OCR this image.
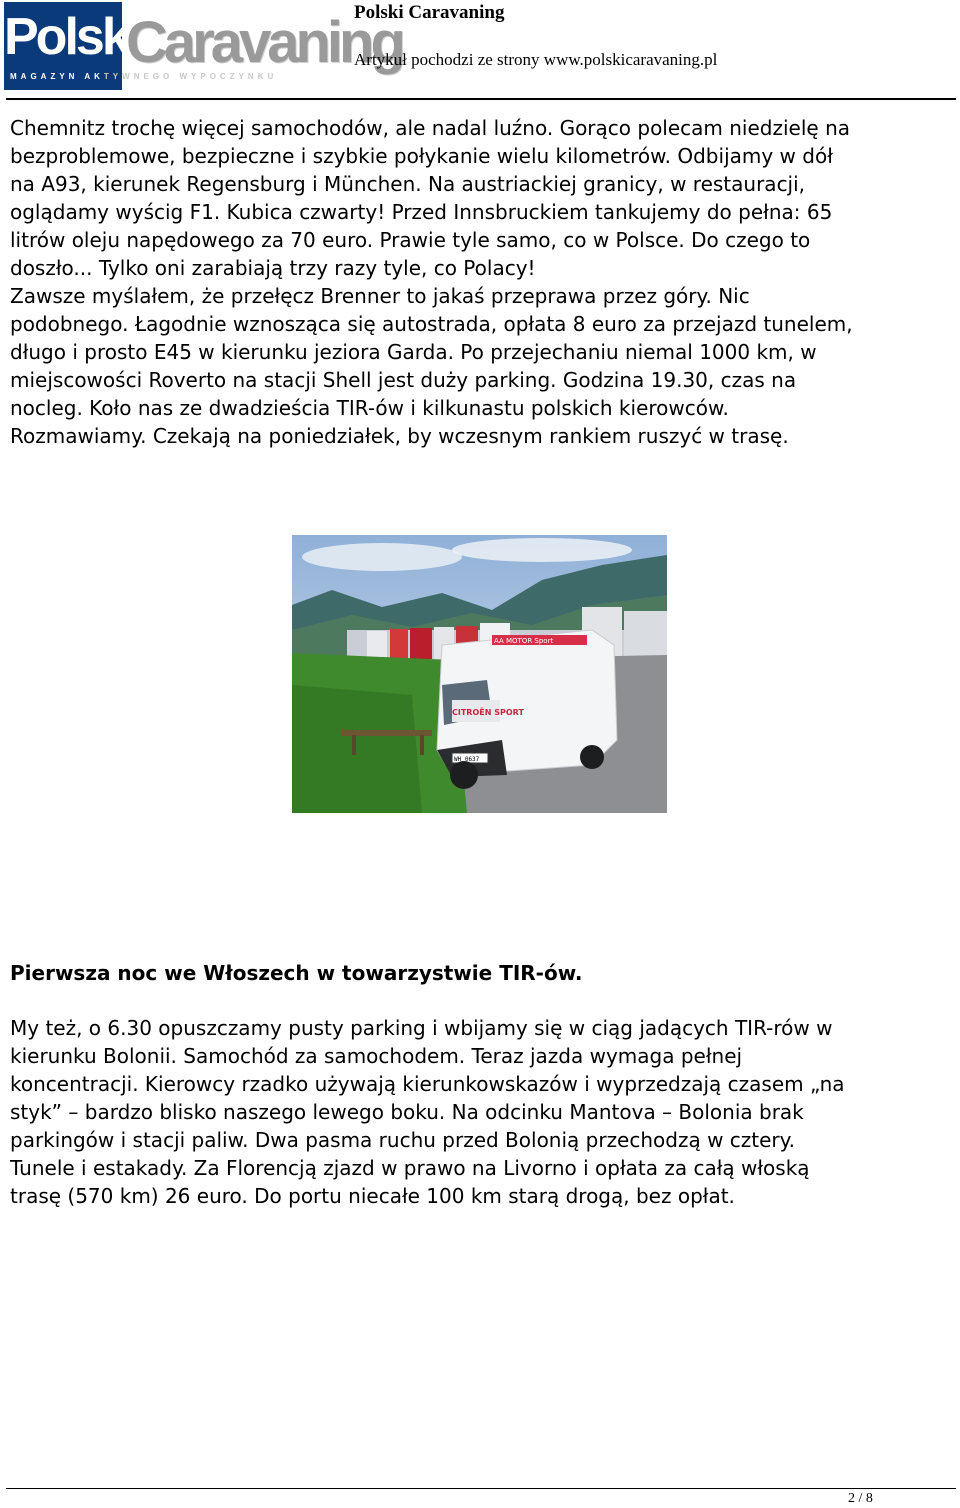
Polski
Caravaning
MAGAZYN AKTYWNEGO WYPOCZYNKU
Polski Caravaning
Artykuł pochodzi ze strony www.polskicaravaning.pl
Chemnitz trochę więcej samochodów, ale nadal luźno. Gorąco polecam niedzielę na
bezproblemowe, bezpieczne i szybkie połykanie wielu kilometrów. Odbijamy w dół
na A93, kierunek Regensburg i München. Na austriackiej granicy, w restauracji,
oglądamy wyścig F1. Kubica czwarty! Przed Innsbruckiem tankujemy do pełna: 65
litrów oleju napędowego za 70 euro. Prawie tyle samo, co w Polsce. Do czego to
doszło... Tylko oni zarabiają trzy razy tyle, co Polacy!
Zawsze myślałem, że przełęcz Brenner to jakaś przeprawa przez góry. Nic
podobnego. Łagodnie wznosząca się autostrada, opłata 8 euro za przejazd tunelem,
długo i prosto E45 w kierunku jeziora Garda. Po przejechaniu niemal 1000 km, w
miejscowości Roverto na stacji Shell jest duży parking. Godzina 19.30, czas na
nocleg. Koło nas ze dwadzieścia TIR-ów i kilkunastu polskich kierowców.
Rozmawiamy. Czekają na poniedziałek, by wczesnym rankiem ruszyć w trasę.
AA MOTOR Sport
CITROËN SPORT
WH 0637
Pierwsza noc we Włoszech w towarzystwie TIR-ów.
My też, o 6.30 opuszczamy pusty parking i wbijamy się w ciąg jadących TIR-rów w
kierunku Bolonii. Samochód za samochodem. Teraz jazda wymaga pełnej
koncentracji. Kierowcy rzadko używają kierunkowskazów i wyprzedzają czasem „na
styk” – bardzo blisko naszego lewego boku. Na odcinku Mantova – Bolonia brak
parkingów i stacji paliw. Dwa pasma ruchu przed Bolonią przechodzą w cztery.
Tunele i estakady. Za Florencją zjazd w prawo na Livorno i opłata za całą włoską
trasę (570 km) 26 euro. Do portu niecałe 100 km starą drogą, bez opłat.
2 / 8
